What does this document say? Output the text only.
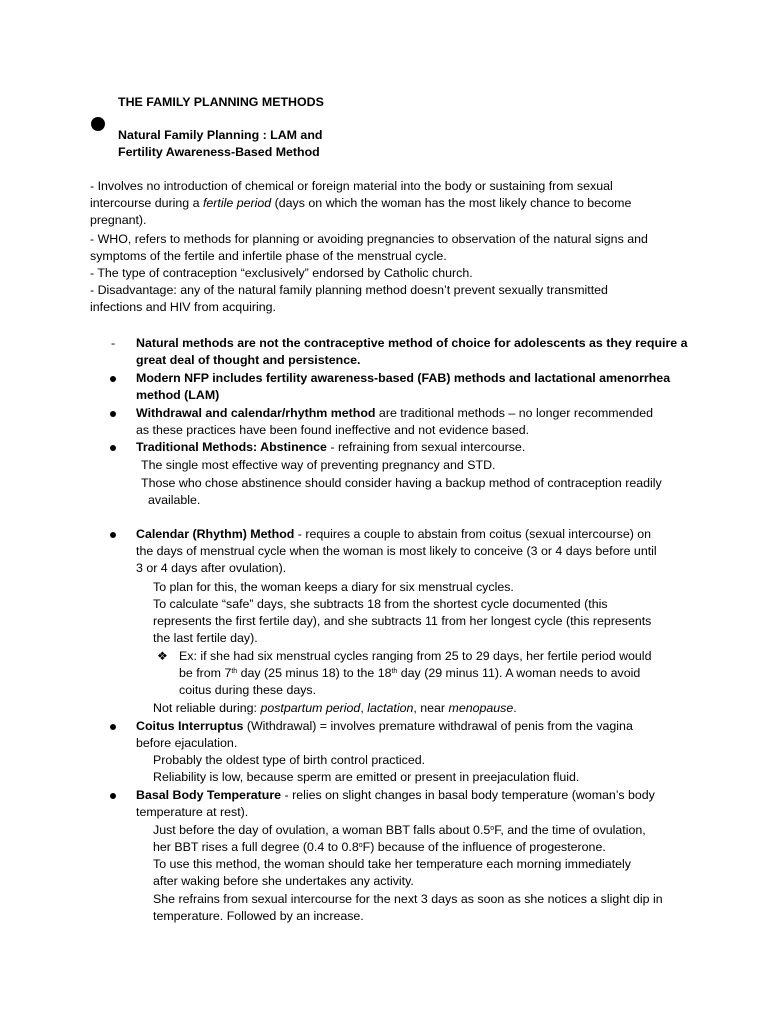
THE FAMILY PLANNING METHODS
Natural Family Planning : LAM and
Fertility Awareness-Based Method
- Involves no introduction of chemical or foreign material into the body or sustaining from sexual
intercourse during a fertile period (days on which the woman has the most likely chance to become
pregnant).
- WHO, refers to methods for planning or avoiding pregnancies to observation of the natural signs and
symptoms of the fertile and infertile phase of the menstrual cycle.
- The type of contraception “exclusively” endorsed by Catholic church.
- Disadvantage: any of the natural family planning method doesn’t prevent sexually transmitted
infections and HIV from acquiring.
- Natural methods are not the contraceptive method of choice for adolescents as they require a
great deal of thought and persistence.
Modern NFP includes fertility awareness-based (FAB) methods and lactational amenorrhea
method (LAM)
Withdrawal and calendar/rhythm method are traditional methods – no longer recommended
as these practices have been found ineffective and not evidence based.
Traditional Methods: Abstinence - refraining from sexual intercourse.
The single most effective way of preventing pregnancy and STD.
Those who chose abstinence should consider having a backup method of contraception readily
available.
Calendar (Rhythm) Method - requires a couple to abstain from coitus (sexual intercourse) on
the days of menstrual cycle when the woman is most likely to conceive (3 or 4 days before until
3 or 4 days after ovulation).
To plan for this, the woman keeps a diary for six menstrual cycles.
To calculate “safe” days, she subtracts 18 from the shortest cycle documented (this
represents the first fertile day), and she subtracts 11 from her longest cycle (this represents
the last fertile day).
❖ Ex: if she had six menstrual cycles ranging from 25 to 29 days, her fertile period would
be from 7th day (25 minus 18) to the 18th day (29 minus 11). A woman needs to avoid
coitus during these days.
Not reliable during: postpartum period, lactation, near menopause.
Coitus Interruptus (Withdrawal) = involves premature withdrawal of penis from the vagina
before ejaculation.
Probably the oldest type of birth control practiced.
Reliability is low, because sperm are emitted or present in preejaculation fluid.
Basal Body Temperature - relies on slight changes in basal body temperature (woman’s body
temperature at rest).
Just before the day of ovulation, a woman BBT falls about 0.5$^o$F, and the time of ovulation,
her BBT rises a full degree (0.4 to 0.8$^o$F) because of the influence of progesterone.
To use this method, the woman should take her temperature each morning immediately
after waking before she undertakes any activity.
She refrains from sexual intercourse for the next 3 days as soon as she notices a slight dip in
temperature. Followed by an increase.
